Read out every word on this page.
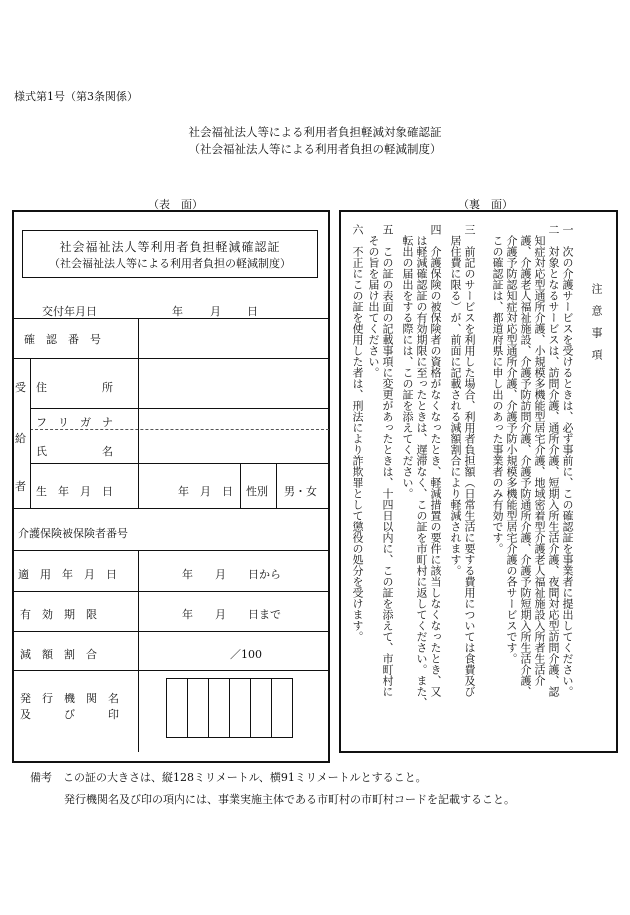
様式第1号（第3条関係）
社会福祉法人等による利用者負担軽減対象確認証
（社会福祉法人等による利用者負担の軽減制度）
（表　面）	（裏　面）
社会福祉法人等利用者負担軽減確認証
（社会福祉法人等による利用者負担の軽減制度）
交付年月日	年 月 日
確　認　番　号
受
給
者
住　　　　　所
フ　リ　ガ　ナ
氏　　　　　名
生　年　月　日	年　月　日 性別 男・女
介護保険被保険者番号
適　用　年　月　日	年　　月　　日から
有　効　期　限	年　　月　　日まで
減　額　割　合	／100
発　行　機　関　名
及　　　び　　　印
注　意　事　項
一　次の介護サービスを受けるときは、必ず事前に、この確認証を事業者に提出してください。
二　対象となるサービスは、訪問介護、通所介護、短期入所生活介護、夜間対応型訪問介護、認
　知症対応型通所介護、小規模多機能型居宅介護、地域密着型介護老人福祉施設入所者生活介
　護、介護老人福祉施設、介護予防訪問介護、介護予防通所介護、介護予防短期入所生活介護、
　介護予防認知症対応型通所介護、介護予防小規模多機能型居宅介護の各サービスです。
　この確認証は、都道府県に申し出のあった事業者のみ有効です。
三　前記のサービスを利用した場合、利用者負担額（日常生活に要する費用については食費及び
　居住費に限る）が、前面に記載される減額割合により軽減されます。
四　介護保険の被保険者の資格がなくなったとき、軽減措置の要件に該当しなくなったとき、又
　は軽減確認証の有効期限に至ったときは、遅滞なく、この証を市町村に返してください。また、
　転出の届出をする際には、この証を添えてください。
五　この証の表面の記載事項に変更があったときは、十四日以内に、この証を添えて、市町村に
　その旨を届け出てください。
六　不正にこの証を使用した者は、刑法により詐欺罪として懲役の処分を受けます。
備考　この証の大きさは、縦128ミリメートル、横91ミリメートルとすること。
発行機関名及び印の項内には、事業実施主体である市町村の市町村コードを記載すること。
